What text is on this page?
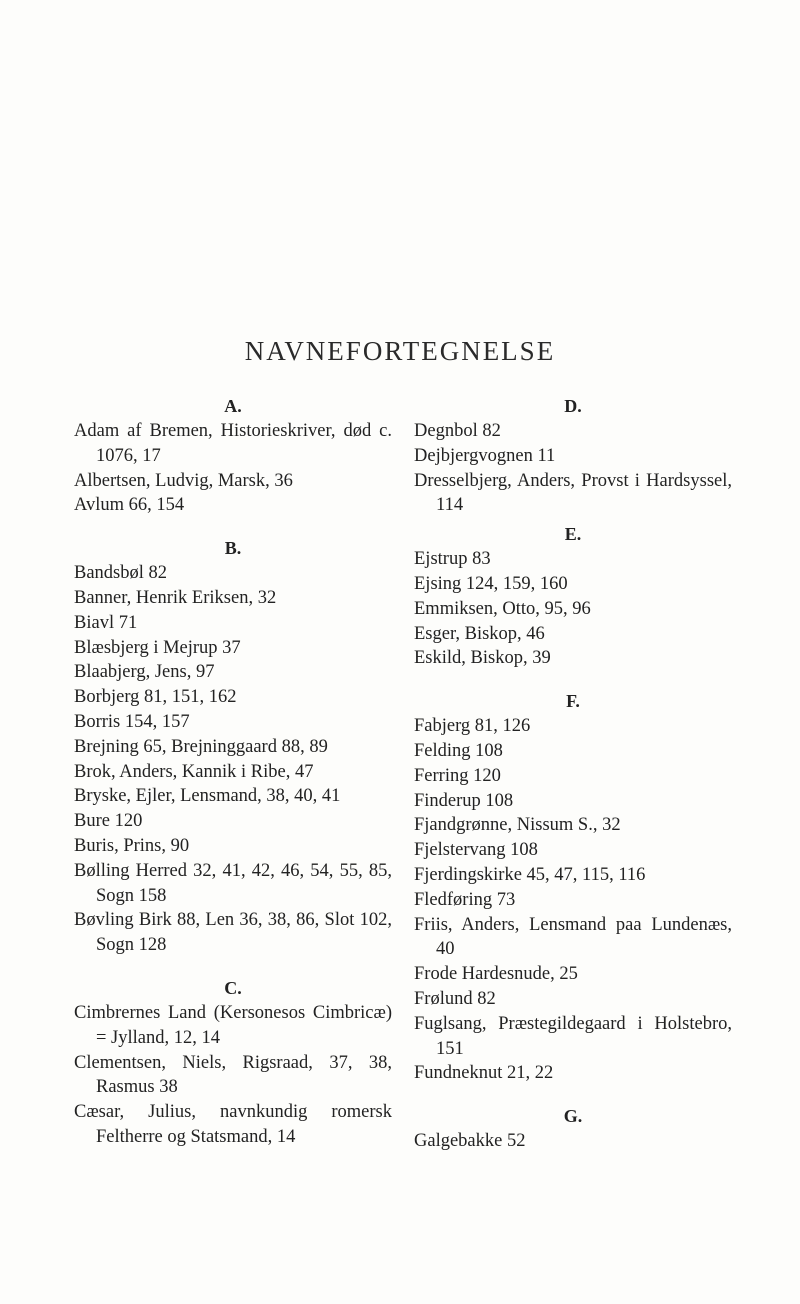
NAVNEFORTEGNELSE
A.
Adam af Bremen, Historieskriver, død c. 1076, 17
Albertsen, Ludvig, Marsk, 36
Avlum 66, 154
B.
Bandsbøl 82
Banner, Henrik Eriksen, 32
Biavl 71
Blæsbjerg i Mejrup 37
Blaabjerg, Jens, 97
Borbjerg 81, 151, 162
Borris 154, 157
Brejning 65, Brejninggaard 88, 89
Brok, Anders, Kannik i Ribe, 47
Bryske, Ejler, Lensmand, 38, 40, 41
Bure 120
Buris, Prins, 90
Bølling Herred 32, 41, 42, 46, 54, 55, 85, Sogn 158
Bøvling Birk 88, Len 36, 38, 86, Slot 102, Sogn 128
C.
Cimbrernes Land (Kersonesos Cimbricæ) = Jylland, 12, 14
Clementsen, Niels, Rigsraad, 37, 38, Rasmus 38
Cæsar, Julius, navnkundig romersk Feltherre og Statsmand, 14
D.
Degnbol 82
Dejbjergvognen 11
Dresselbjerg, Anders, Provst i Hardsyssel, 114
E.
Ejstrup 83
Ejsing 124, 159, 160
Emmiksen, Otto, 95, 96
Esger, Biskop, 46
Eskild, Biskop, 39
F.
Fabjerg 81, 126
Felding 108
Ferring 120
Finderup 108
Fjandgrønne, Nissum S., 32
Fjelstervang 108
Fjerdingskirke 45, 47, 115, 116
Fledføring 73
Friis, Anders, Lensmand paa Lundenæs, 40
Frode Hardesnude, 25
Frølund 82
Fuglsang, Præstegildegaard i Holstebro, 151
Fundneknut 21, 22
G.
Galgebakke 52
